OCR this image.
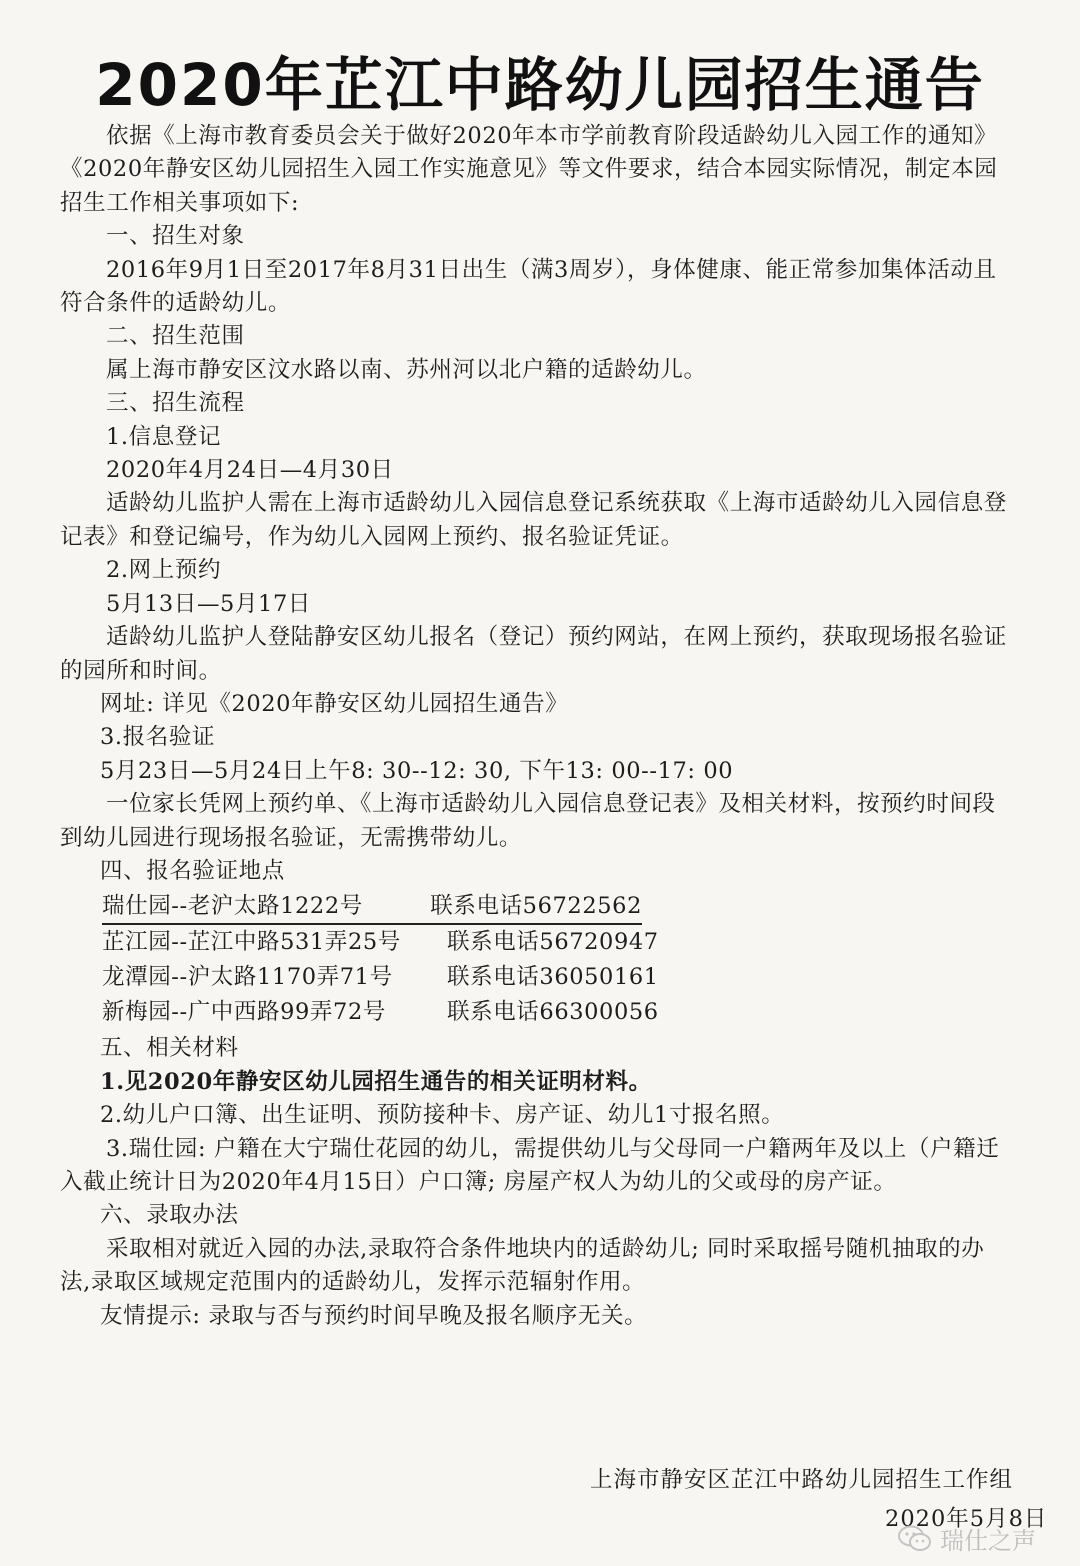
2020年芷江中路幼儿园招生通告

依据《上海市教育委员会关于做好2020年本市学前教育阶段适龄幼儿入园工作的通知》《2020年静安区幼儿园招生入园工作实施意见》等文件要求，结合本园实际情况，制定本园招生工作相关事项如下:

一、招生对象

2016年9月1日至2017年8月31日出生（满3周岁），身体健康、能正常参加集体活动且符合条件的适龄幼儿。

二、招生范围

属上海市静安区汶水路以南、苏州河以北户籍的适龄幼儿。

三、招生流程

1.信息登记

2020年4月24日—4月30日

适龄幼儿监护人需在上海市适龄幼儿入园信息登记系统获取《上海市适龄幼儿入园信息登记表》和登记编号，作为幼儿入园网上预约、报名验证凭证。

2.网上预约

5月13日—5月17日

适龄幼儿监护人登陆静安区幼儿报名（登记）预约网站，在网上预约，获取现场报名验证的园所和时间。

网址: 详见《2020年静安区幼儿园招生通告》

3.报名验证

5月23日—5月24日上午8: 30--12: 30, 下午13: 00--17: 00

一位家长凭网上预约单、《上海市适龄幼儿入园信息登记表》及相关材料，按预约时间段到幼儿园进行现场报名验证，无需携带幼儿。

四、报名验证地点

瑞仕园--老沪太路1222号	联系电话56722562
芷江园--芷江中路531弄25号	联系电话56720947
龙潭园--沪太路1170弄71号	联系电话36050161
新梅园--广中西路99弄72号	联系电话66300056

五、相关材料

1.见2020年静安区幼儿园招生通告的相关证明材料。

2.幼儿户口簿、出生证明、预防接种卡、房产证、幼儿1寸报名照。

3.瑞仕园: 户籍在大宁瑞仕花园的幼儿，需提供幼儿与父母同一户籍两年及以上（户籍迁入截止统计日为2020年4月15日）户口簿; 房屋产权人为幼儿的父或母的房产证。

六、录取办法

采取相对就近入园的办法,录取符合条件地块内的适龄幼儿; 同时采取摇号随机抽取的办法,录取区域规定范围内的适龄幼儿，发挥示范辐射作用。

友情提示: 录取与否与预约时间早晚及报名顺序无关。

上海市静安区芷江中路幼儿园招生工作组
2020年5月8日
瑞仕之声
